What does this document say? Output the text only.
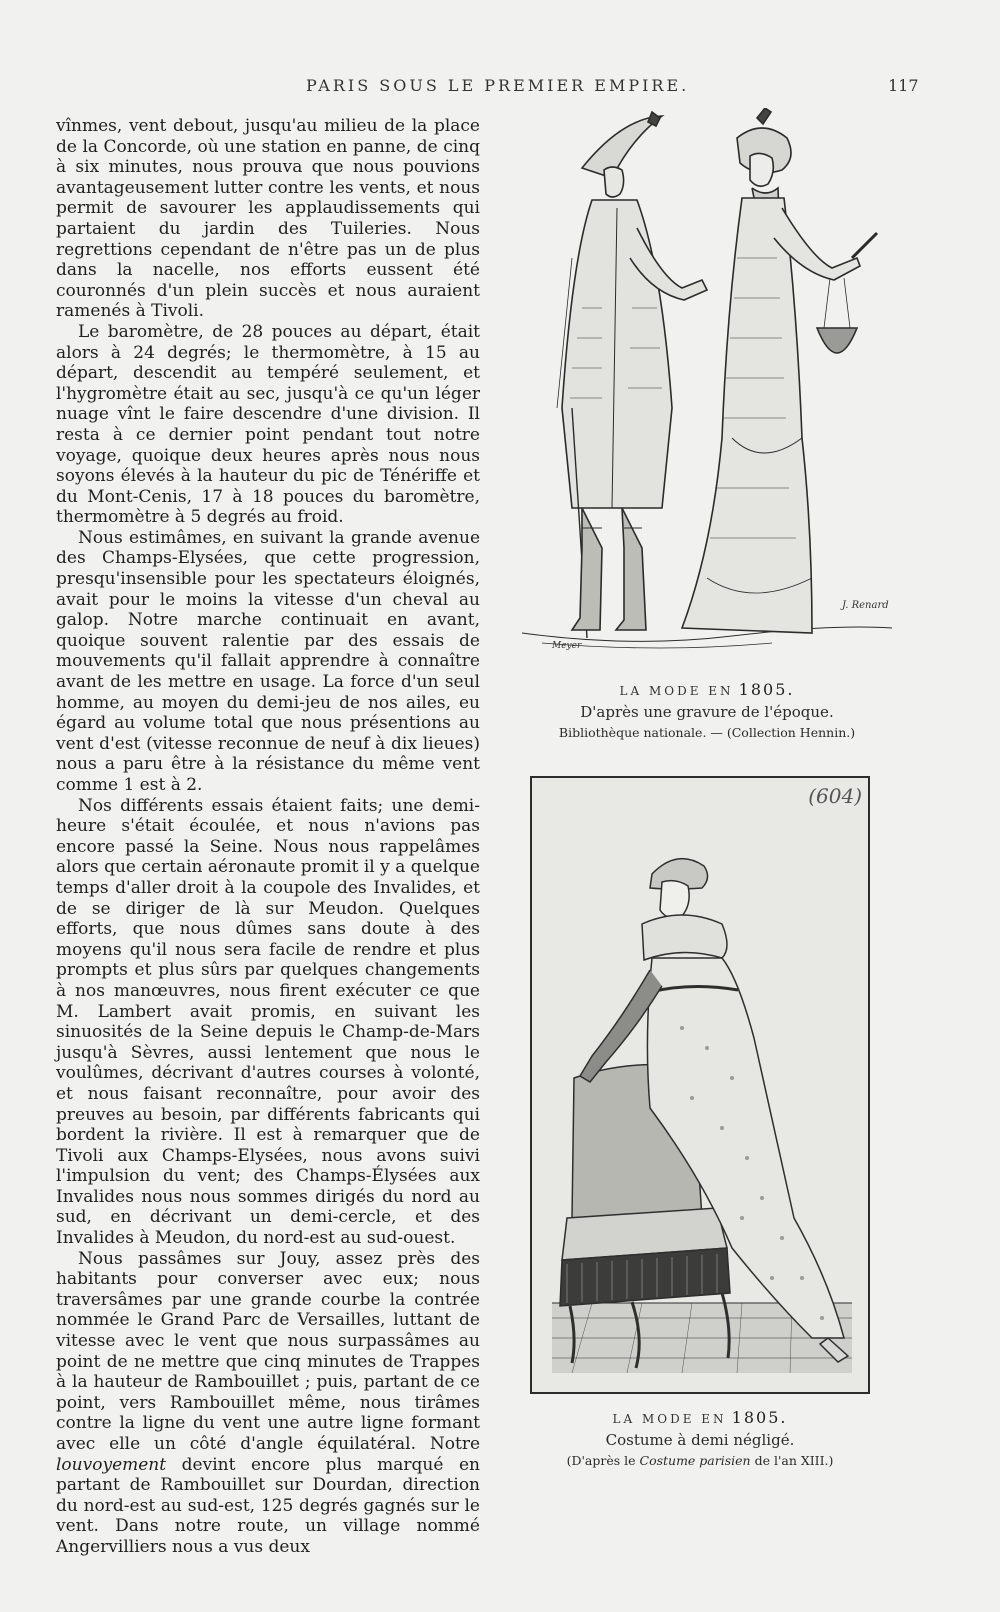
PARIS SOUS LE PREMIER EMPIRE.	117

vînmes, vent debout, jusqu'au milieu de la place de la Concorde, où une station en panne, de cinq à six minutes, nous prouva que nous pouvions avantageusement lutter contre les vents, et nous permit de savourer les applaudissements qui partaient du jardin des Tuileries. Nous regrettions cependant de n'être pas un de plus dans la nacelle, nos efforts eussent été couronnés d'un plein succès et nous auraient ramenés à Tivoli.

Le baromètre, de 28 pouces au départ, était alors à 24 degrés; le thermomètre, à 15 au départ, descendit au tempéré seulement, et l'hygromètre était au sec, jusqu'à ce qu'un léger nuage vînt le faire descendre d'une division. Il resta à ce dernier point pendant tout notre voyage, quoique deux heures après nous nous soyons élevés à la hauteur du pic de Ténériffe et du Mont-Cenis, 17 à 18 pouces du baromètre, thermomètre à 5 degrés au froid.

Nous estimâmes, en suivant la grande avenue des Champs-Elysées, que cette progression, presqu'insensible pour les spectateurs éloignés, avait pour le moins la vitesse d'un cheval au galop. Notre marche continuait en avant, quoique souvent ralentie par des essais de mouvements qu'il fallait apprendre à connaître avant de les mettre en usage. La force d'un seul homme, au moyen du demi-jeu de nos ailes, eu égard au volume total que nous présentions au vent d'est (vitesse reconnue de neuf à dix lieues) nous a paru être à la résistance du même vent comme 1 est à 2.

Nos différents essais étaient faits; une demi-heure s'était écoulée, et nous n'avions pas encore passé la Seine. Nous nous rappelâmes alors que certain aéronaute promit il y a quelque temps d'aller droit à la coupole des Invalides, et de se diriger de là sur Meudon. Quelques efforts, que nous dûmes sans doute à des moyens qu'il nous sera facile de rendre et plus prompts et plus sûrs par quelques changements à nos manœuvres, nous firent exécuter ce que M. Lambert avait promis, en suivant les sinuosités de la Seine depuis le Champ-de-Mars jusqu'à Sèvres, aussi lentement que nous le voulûmes, décrivant d'autres courses à volonté, et nous faisant reconnaître, pour avoir des preuves au besoin, par différents fabricants qui bordent la rivière. Il est à remarquer que de Tivoli aux Champs-Elysées, nous avons suivi l'impulsion du vent; des Champs-Élysées aux Invalides nous nous sommes dirigés du nord au sud, en décrivant un demi-cercle, et des Invalides à Meudon, du nord-est au sud-ouest.

Nous passâmes sur Jouy, assez près des habitants pour converser avec eux; nous traversâmes par une grande courbe la contrée nommée le Grand Parc de Versailles, luttant de vitesse avec le vent que nous surpassâmes au point de ne mettre que cinq minutes de Trappes à la hauteur de Rambouillet ; puis, partant de ce point, vers Rambouillet même, nous tirâmes contre la ligne du vent une autre ligne formant avec elle un côté d'angle équilatéral. Notre louvoyement devint encore plus marqué en partant de Rambouillet sur Dourdan, direction du nord-est au sud-est, 125 degrés gagnés sur le vent. Dans notre route, un village nommé Angervilliers nous a vus deux

J. Renard
Meyer
LA MODE EN 1805.
D'après une gravure de l'époque.
Bibliothèque nationale. — (Collection Hennin.)
(604)
LA MODE EN 1805.
Costume à demi négligé.
(D'après le Costume parisien de l'an XIII.)
